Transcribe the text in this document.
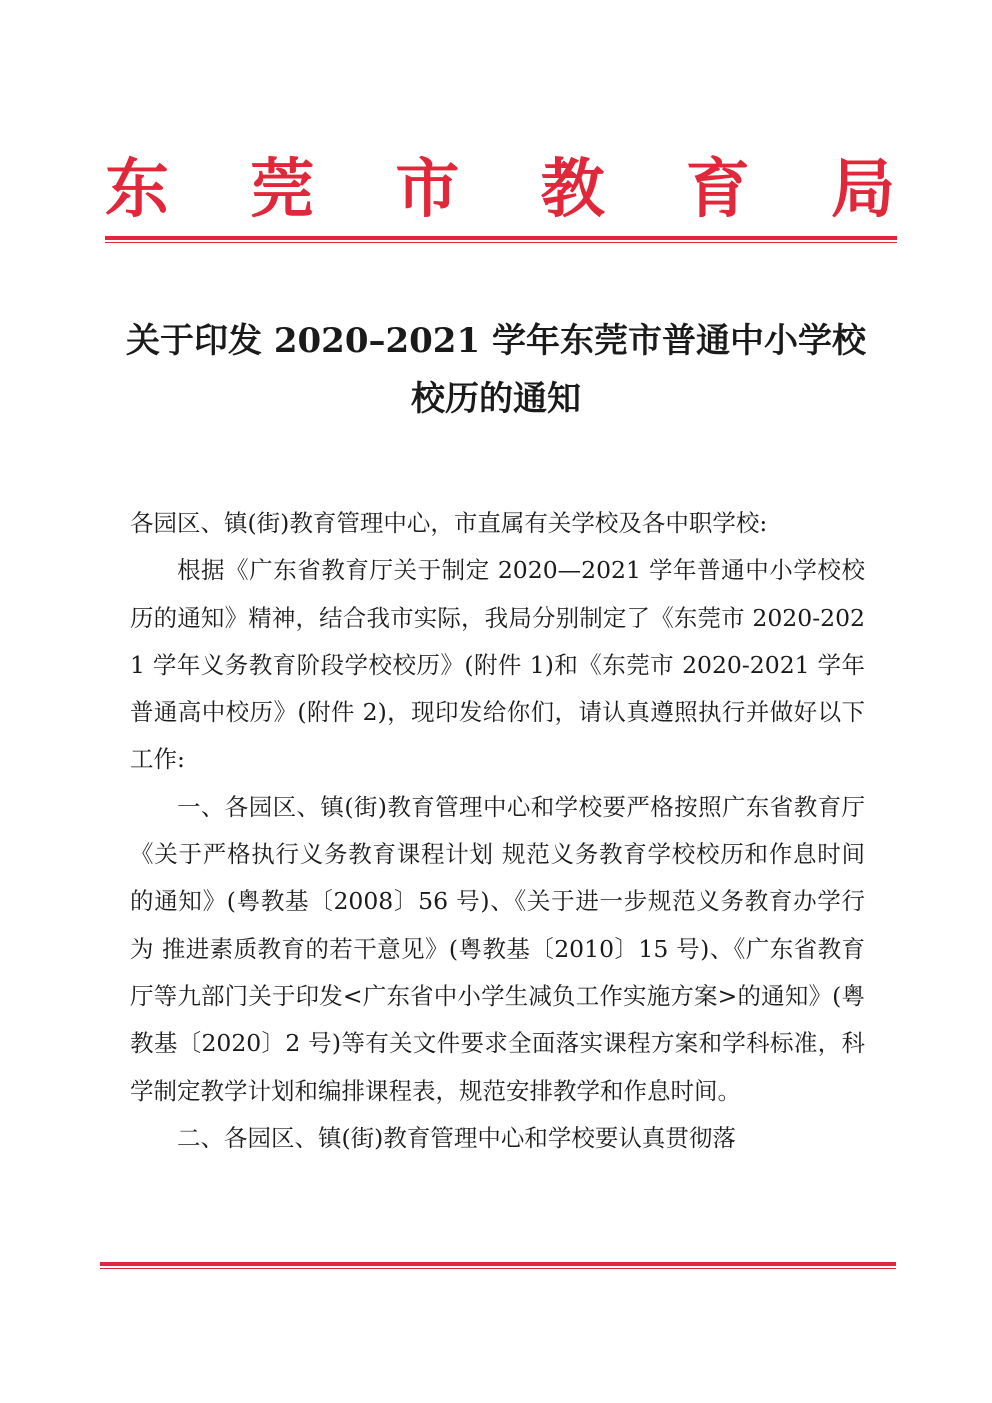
东 莞 市 教 育 局
关于印发 2020–2021 学年东莞市普通中小学校
校历的通知

各园区、镇(街)教育管理中心，市直属有关学校及各中职学校:

根据《广东省教育厅关于制定 2020—2021 学年普通中小学校校历的通知》精神，结合我市实际，我局分别制定了《东莞市 2020-2021 学年义务教育阶段学校校历》(附件 1)和《东莞市 2020-2021 学年普通高中校历》(附件 2)，现印发给你们，请认真遵照执行并做好以下工作:

一、各园区、镇(街)教育管理中心和学校要严格按照广东省教育厅《关于严格执行义务教育课程计划 规范义务教育学校校历和作息时间的通知》(粤教基〔2008〕56 号)、《关于进一步规范义务教育办学行为 推进素质教育的若干意见》(粤教基〔2010〕15 号)、《广东省教育厅等九部门关于印发<广东省中小学生减负工作实施方案>的通知》(粤教基〔2020〕2 号)等有关文件要求全面落实课程方案和学科标准，科学制定教学计划和编排课程表，规范安排教学和作息时间。

二、各园区、镇(街)教育管理中心和学校要认真贯彻落
